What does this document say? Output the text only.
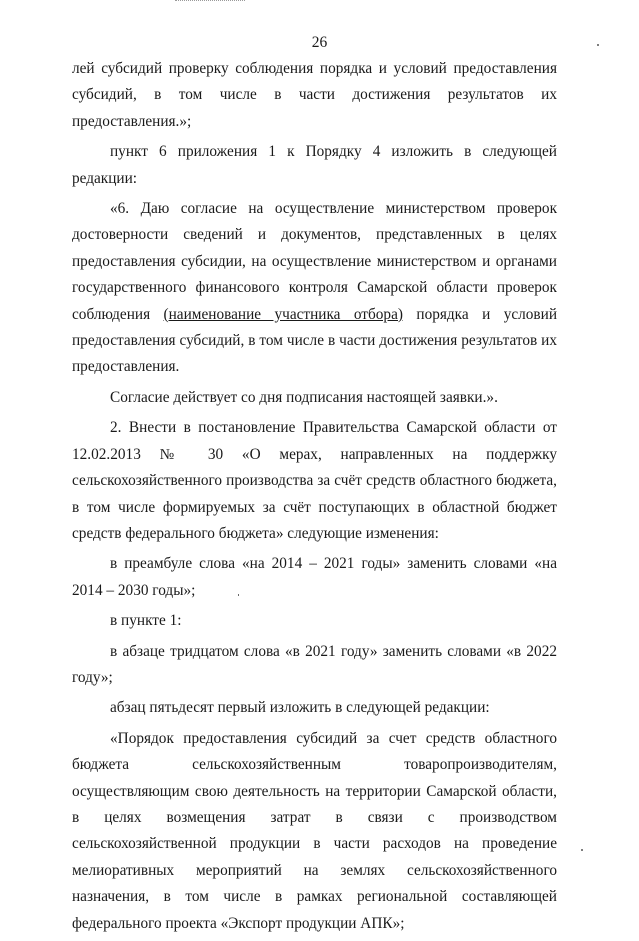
26

лей субсидий проверку соблюдения порядка и условий предоставления субсидий, в том числе в части достижения результатов их предоставления.»;

пункт 6 приложения 1 к Порядку 4 изложить в следующей редакции:

«6. Даю согласие на осуществление министерством проверок достоверности сведений и документов, представленных в целях предоставления субсидии, на осуществление министерством и органами государственного финансового контроля Самарской области проверок соблюдения (наименование участника отбора) порядка и условий предоставления субсидий, в том числе в части достижения результатов их предоставления.

Согласие действует со дня подписания настоящей заявки.».

2. Внести в постановление Правительства Самарской области от 12.02.2013 № 30 «О мерах, направленных на поддержку сельскохозяйственного производства за счёт средств областного бюджета, в том числе формируемых за счёт поступающих в областной бюджет средств федерального бюджета» следующие изменения:

в преамбуле слова «на 2014 – 2021 годы» заменить словами «на 2014 – 2030 годы»;

в пункте 1:

в абзаце тридцатом слова «в 2021 году» заменить словами «в 2022 году»;

абзац пятьдесят первый изложить в следующей редакции:

«Порядок предоставления субсидий за счет средств областного бюджета сельскохозяйственным товаропроизводителям, осуществляющим свою деятельность на территории Самарской области, в целях возмещения затрат в связи с производством сельскохозяйственной продукции в части расходов на проведение мелиоративных мероприятий на землях сельскохозяйственного назначения, в том числе в рамках региональной составляющей федерального проекта «Экспорт продукции АПК»;
